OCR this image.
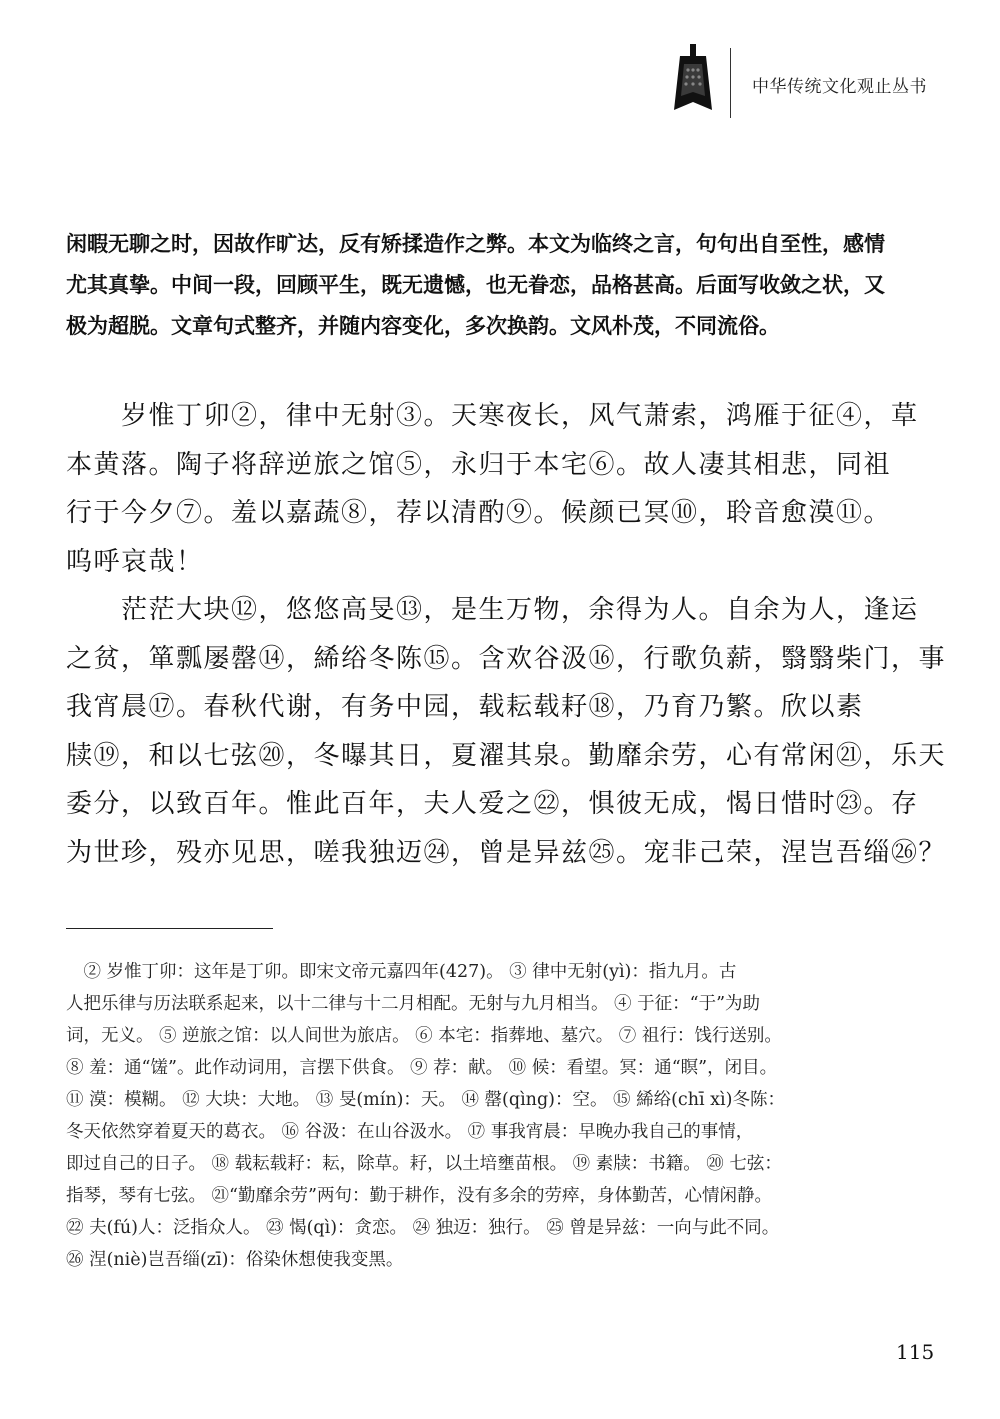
中华传统文化观止丛书
闲暇无聊之时，因故作旷达，反有矫揉造作之弊。本文为临终之言，句句出自至性，感情
尤其真挚。中间一段，回顾平生，既无遗憾，也无眷恋，品格甚高。后面写收敛之状，又
极为超脱。文章句式整齐，并随内容变化，多次换韵。文风朴茂，不同流俗。
　　岁惟丁卯②，律中无射③。天寒夜长，风气萧索，鸿雁于征④，草
本黄落。陶子将辞逆旅之馆⑤，永归于本宅⑥。故人凄其相悲，同祖
行于今夕⑦。羞以嘉蔬⑧，荐以清酌⑨。候颜已冥⑩，聆音愈漠⑪。
呜呼哀哉！
　　茫茫大块⑫，悠悠高旻⑬，是生万物，余得为人。自余为人，逢运
之贫，箪瓢屡罄⑭，絺绤冬陈⑮。含欢谷汲⑯，行歌负薪，翳翳柴门，事
我宵晨⑰。春秋代谢，有务中园，载耘载耔⑱，乃育乃繁。欣以素
牍⑲，和以七弦⑳，冬曝其日，夏濯其泉。勤靡余劳，心有常闲㉑，乐天
委分，以致百年。惟此百年，夫人爱之㉒，惧彼无成，愒日惜时㉓。存
为世珍，殁亦见思，嗟我独迈㉔，曾是异兹㉕。宠非己荣，涅岂吾缁㉖？
　② 岁惟丁卯：这年是丁卯。即宋文帝元嘉四年(427)。 ③ 律中无射(yì)：指九月。古
人把乐律与历法联系起来，以十二律与十二月相配。无射与九月相当。 ④ 于征：“于”为助
词，无义。 ⑤ 逆旅之馆：以人间世为旅店。 ⑥ 本宅：指葬地、墓穴。 ⑦ 祖行：饯行送别。
⑧ 羞：通“馐”。此作动词用，言摆下供食。 ⑨ 荐：献。 ⑩ 候：看望。冥：通“瞑”，闭目。
⑪ 漠：模糊。 ⑫ 大块：大地。 ⑬ 旻(mín)：天。 ⑭ 罄(qìng)：空。 ⑮ 絺绤(chī xì)冬陈：
冬天依然穿着夏天的葛衣。 ⑯ 谷汲：在山谷汲水。 ⑰ 事我宵晨：早晚办我自己的事情，
即过自己的日子。 ⑱ 载耘载耔：耘，除草。耔，以土培壅苗根。 ⑲ 素牍：书籍。 ⑳ 七弦：
指琴，琴有七弦。 ㉑“勤靡余劳”两句：勤于耕作，没有多余的劳瘁，身体勤苦，心情闲静。
㉒ 夫(fú)人：泛指众人。 ㉓ 愒(qì)：贪恋。 ㉔ 独迈：独行。 ㉕ 曾是异兹：一向与此不同。
㉖ 涅(niè)岂吾缁(zī)：俗染休想使我变黑。
115
